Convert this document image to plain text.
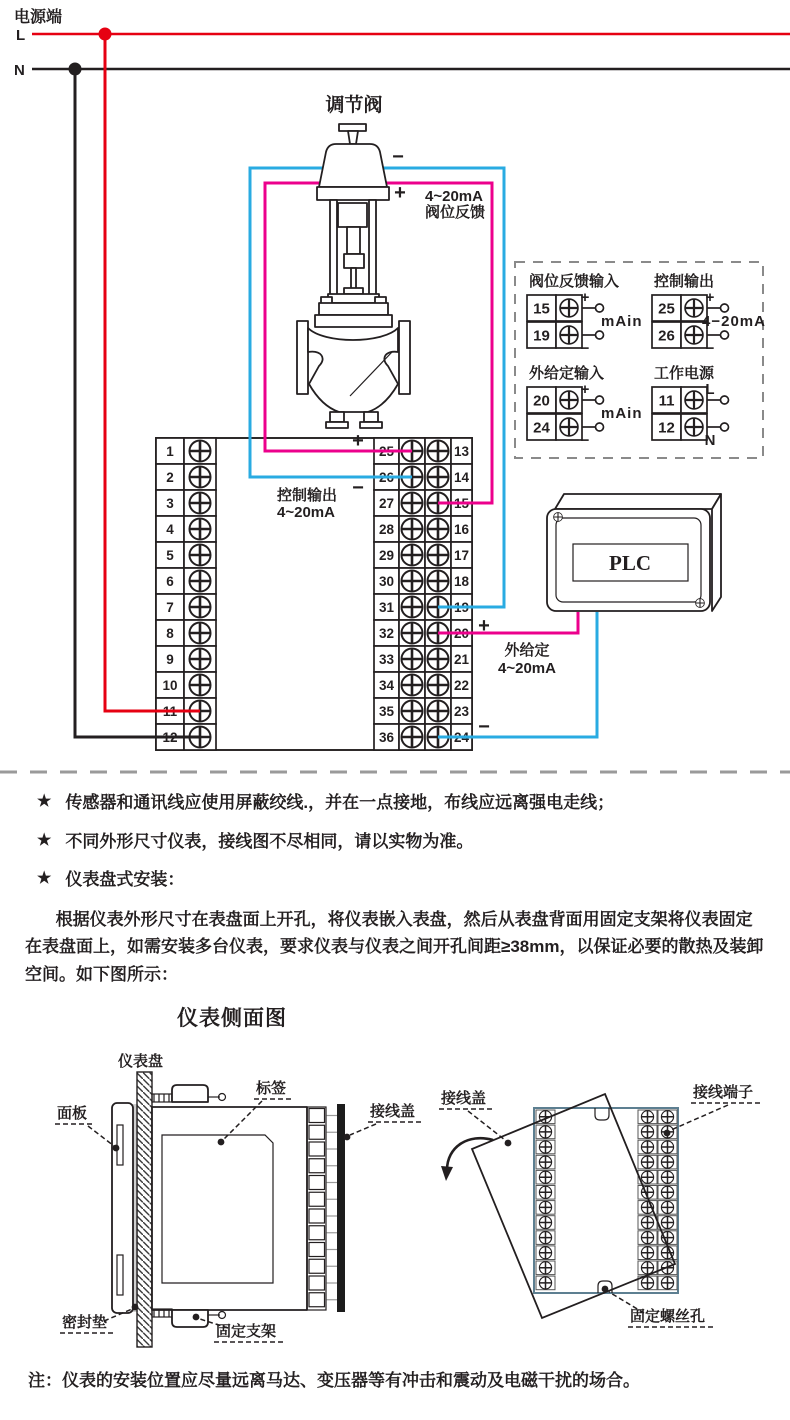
电源端
L
N
1	25	13
2	26	14
3	27	15
4	28	16
5	29	17
6	30	18
7	31	19
8	32	20
9	33	21
10	34	22
11	35	23
12	36	24
调节阀
−
+ 4~20mA
阀位反馈
+
−
控制输出
4~20mA
+
−
外给定
4~20mA
阀位反馈输入
15
+
19
−
mAin
控制输出
25
+
26
−
4−20mA
外给定输入
20
+
24
−
mAin
工作电源
11
L
12
N
PLC
★ 传感器和通讯线应使用屏蔽绞线.，并在一点接地，布线应远离强电走线；
★ 不同外形尺寸仪表，接线图不尽相同，请以实物为准。
★ 仪表盘式安装：

根据仪表外形尺寸在表盘面上开孔，将仪表嵌入表盘，然后从表盘背面用固定支架将仪表固定在表盘面上，如需安装多台仪表，要求仪表与仪表之间开孔间距≥38mm，以保证必要的散热及装卸空间。如下图所示：

仪表侧面图
仪表盘
面板
标签
接线盖
密封垫
固定支架
接线盖	接线端子
固定螺丝孔
注：仪表的安装位置应尽量远离马达、变压器等有冲击和震动及电磁干扰的场合。
